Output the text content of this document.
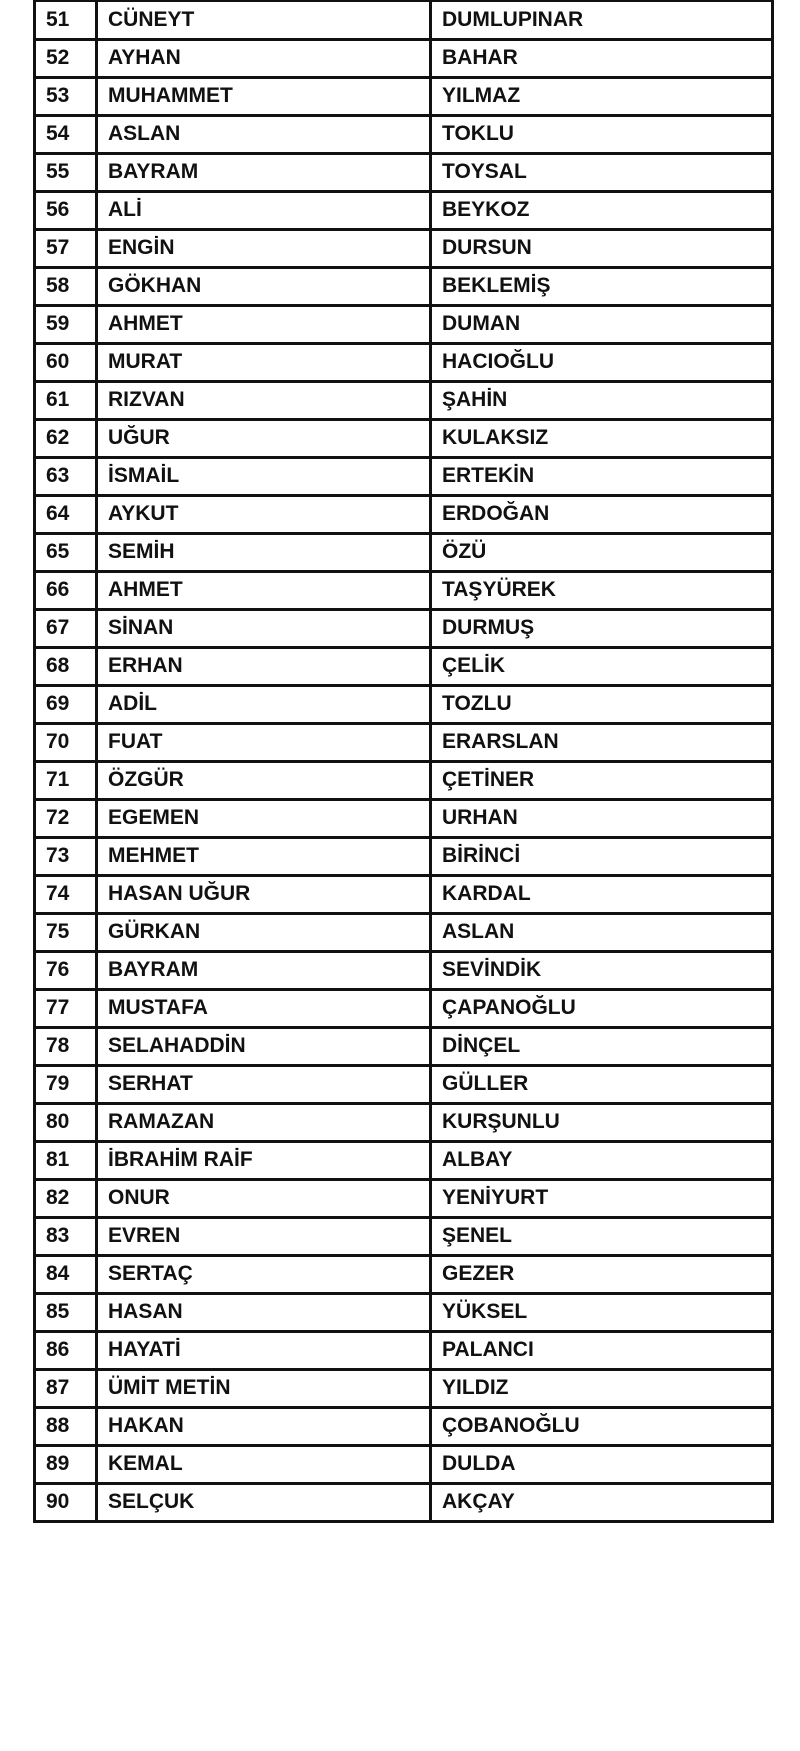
51	CÜNEYT	DUMLUPINAR
52	AYHAN	BAHAR
53	MUHAMMET	YILMAZ
54	ASLAN	TOKLU
55	BAYRAM	TOYSAL
56	ALİ	BEYKOZ
57	ENGİN	DURSUN
58	GÖKHAN	BEKLEMİŞ
59	AHMET	DUMAN
60	MURAT	HACIOĞLU
61	RIZVAN	ŞAHİN
62	UĞUR	KULAKSIZ
63	İSMAİL	ERTEKİN
64	AYKUT	ERDOĞAN
65	SEMİH	ÖZÜ
66	AHMET	TAŞYÜREK
67	SİNAN	DURMUŞ
68	ERHAN	ÇELİK
69	ADİL	TOZLU
70	FUAT	ERARSLAN
71	ÖZGÜR	ÇETİNER
72	EGEMEN	URHAN
73	MEHMET	BİRİNCİ
74	HASAN UĞUR	KARDAL
75	GÜRKAN	ASLAN
76	BAYRAM	SEVİNDİK
77	MUSTAFA	ÇAPANOĞLU
78	SELAHADDİN	DİNÇEL
79	SERHAT	GÜLLER
80	RAMAZAN	KURŞUNLU
81	İBRAHİM RAİF	ALBAY
82	ONUR	YENİYURT
83	EVREN	ŞENEL
84	SERTAÇ	GEZER
85	HASAN	YÜKSEL
86	HAYATİ	PALANCI
87	ÜMİT METİN	YILDIZ
88	HAKAN	ÇOBANOĞLU
89	KEMAL	DULDA
90	SELÇUK	AKÇAY
